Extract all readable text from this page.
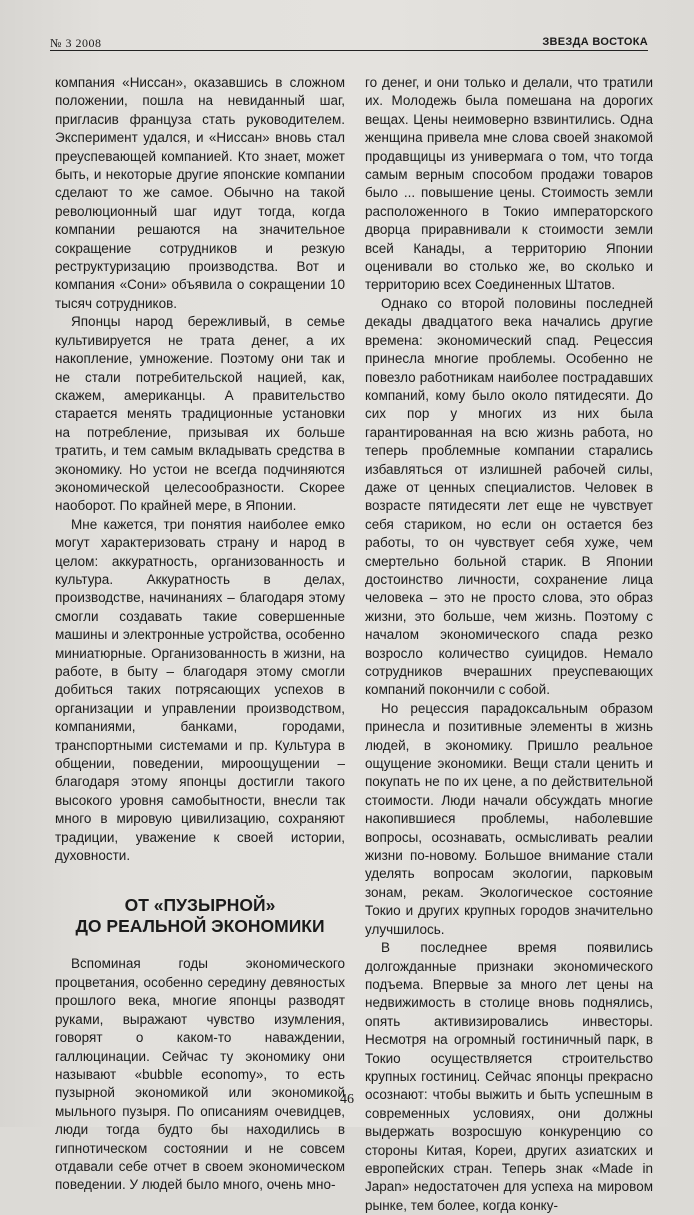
№ 3 2008	ЗВЕЗДА ВОСТОКА

компания «Ниссан», оказавшись в сложном положении, пошла на невиданный шаг, пригласив француза стать руководителем. Эксперимент удался, и «Ниссан» вновь стал преуспевающей компанией. Кто знает, может быть, и некоторые другие японские компании сделают то же самое. Обычно на такой революционный шаг идут тогда, когда компании решаются на значительное сокращение сотрудников и резкую реструктуризацию производства. Вот и компания «Сони» объявила о сокращении 10 тысяч сотрудников.

Японцы народ бережливый, в семье культивируется не трата денег, а их накопление, умножение. Поэтому они так и не стали потребительской нацией, как, скажем, американцы. А правительство старается менять традиционные установки на потребление, призывая их больше тратить, и тем самым вкладывать средства в экономику. Но устои не всегда подчиняются экономической целесообразности. Скорее наоборот. По крайней мере, в Японии.

Мне кажется, три понятия наиболее емко могут характеризовать страну и народ в целом: аккуратность, организованность и культура. Аккуратность в делах, производстве, начинаниях – благодаря этому смогли создавать такие совершенные машины и электронные устройства, особенно миниатюрные. Организованность в жизни, на работе, в быту – благодаря этому смогли добиться таких потрясающих успехов в организации и управлении производством, компаниями, банками, городами, транспортными системами и пр. Культура в общении, поведении, мироощущении – благодаря этому японцы достигли такого высокого уровня самобытности, внесли так много в мировую цивилизацию, сохраняют традиции, уважение к своей истории, духовности.

ОТ «ПУЗЫРНОЙ»
ДО РЕАЛЬНОЙ ЭКОНОМИКИ

Вспоминая годы экономического процветания, особенно середину девяностых прошлого века, многие японцы разводят руками, выражают чувство изумления, говорят о каком-то наваждении, галлюцинации. Сейчас ту экономику они называют «bubble economy», то есть пузырной экономикой или экономикой мыльного пузыря. По описаниям очевидцев, люди тогда будто бы находились в гипнотическом состоянии и не совсем отдавали себе отчет в своем экономическом поведении. У людей было много, очень мно-

го денег, и они только и делали, что тратили их. Молодежь была помешана на дорогих вещах. Цены неимоверно взвинтились. Одна женщина привела мне слова своей знакомой продавщицы из универмага о том, что тогда самым верным способом продажи товаров было ... повышение цены. Стоимость земли расположенного в Токио императорского дворца приравнивали к стоимости земли всей Канады, а территорию Японии оценивали во столько же, во сколько и территорию всех Соединенных Штатов.

Однако со второй половины последней декады двадцатого века начались другие времена: экономический спад. Рецессия принесла многие проблемы. Особенно не повезло работникам наиболее пострадавших компаний, кому было около пятидесяти. До сих пор у многих из них была гарантированная на всю жизнь работа, но теперь проблемные компании старались избавляться от излишней рабочей силы, даже от ценных специалистов. Человек в возрасте пятидесяти лет еще не чувствует себя стариком, но если он остается без работы, то он чувствует себя хуже, чем смертельно больной старик. В Японии достоинство личности, сохранение лица человека – это не просто слова, это образ жизни, это больше, чем жизнь. Поэтому с началом экономического спада резко возросло количество суицидов. Немало сотрудников вчерашних преуспевающих компаний покончили с собой.

Но рецессия парадоксальным образом принесла и позитивные элементы в жизнь людей, в экономику. Пришло реальное ощущение экономики. Вещи стали ценить и покупать не по их цене, а по действительной стоимости. Люди начали обсуждать многие накопившиеся проблемы, наболевшие вопросы, осознавать, осмысливать реалии жизни по-новому. Большое внимание стали уделять вопросам экологии, парковым зонам, рекам. Экологическое состояние Токио и других крупных городов значительно улучшилось.

В последнее время появились долгожданные признаки экономического подъема. Впервые за много лет цены на недвижимость в столице вновь поднялись, опять активизировались инвесторы. Несмотря на огромный гостиничный парк, в Токио осуществляется строительство крупных гостиниц. Сейчас японцы прекрасно осознают: чтобы выжить и быть успешным в современных условиях, они должны выдержать возросшую конкуренцию со стороны Китая, Кореи, других азиатских и европейских стран. Теперь знак «Made in Japan» недостаточен для успеха на мировом рынке, тем более, когда конку-

46
